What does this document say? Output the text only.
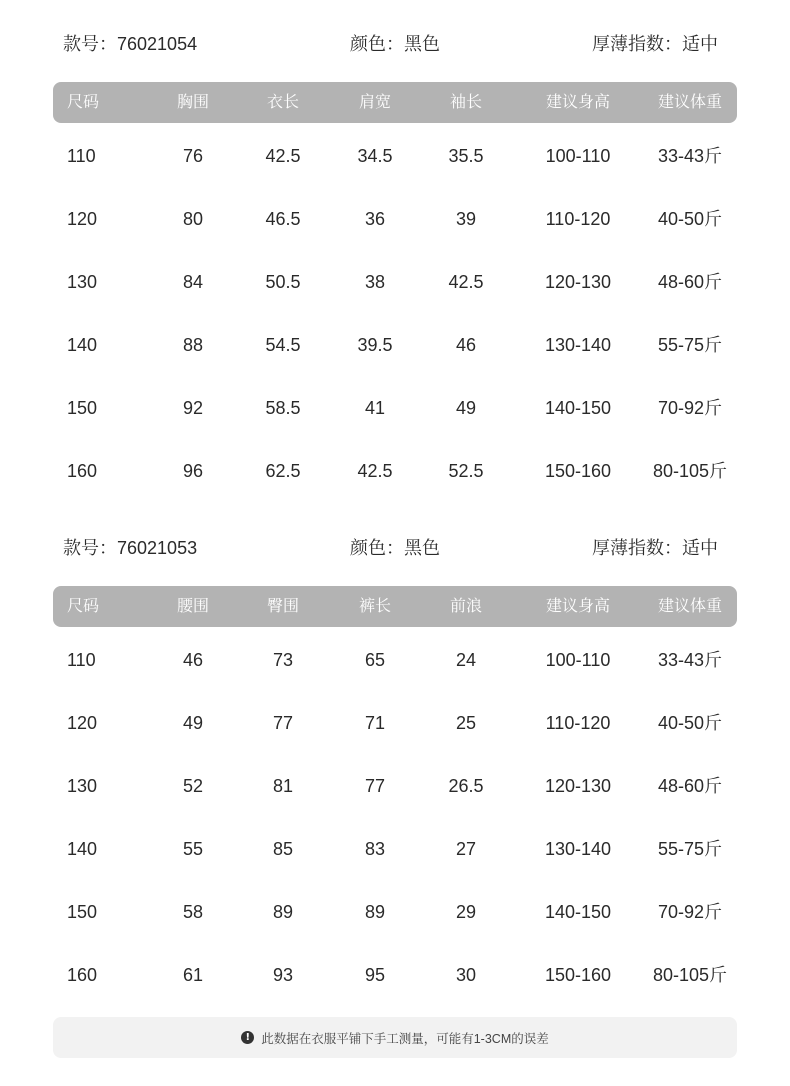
款号：76021054	颜色：黑色	厚薄指数：适中
尺码	胸围	衣长	肩宽	袖长	建议身高	建议体重
110	76	42.5	34.5	35.5	100-110	33-43斤
120	80	46.5	36	39	110-120	40-50斤
130	84	50.5	38	42.5	120-130	48-60斤
140	88	54.5	39.5	46	130-140	55-75斤
150	92	58.5	41	49	140-150	70-92斤
160	96	62.5	42.5	52.5	150-160 80-105斤
款号：76021053	颜色：黑色	厚薄指数：适中
尺码	腰围	臀围	裤长	前浪	建议身高	建议体重
110	46	73	65	24	100-110	33-43斤
120	49	77	71	25	110-120	40-50斤
130	52	81	77	26.5	120-130	48-60斤
140	55	85	83	27	130-140	55-75斤
150	58	89	89	29	140-150	70-92斤
160	61	93	95	30	150-160 80-105斤
! 此数据在衣服平铺下手工测量，可能有1-3CM的误差
